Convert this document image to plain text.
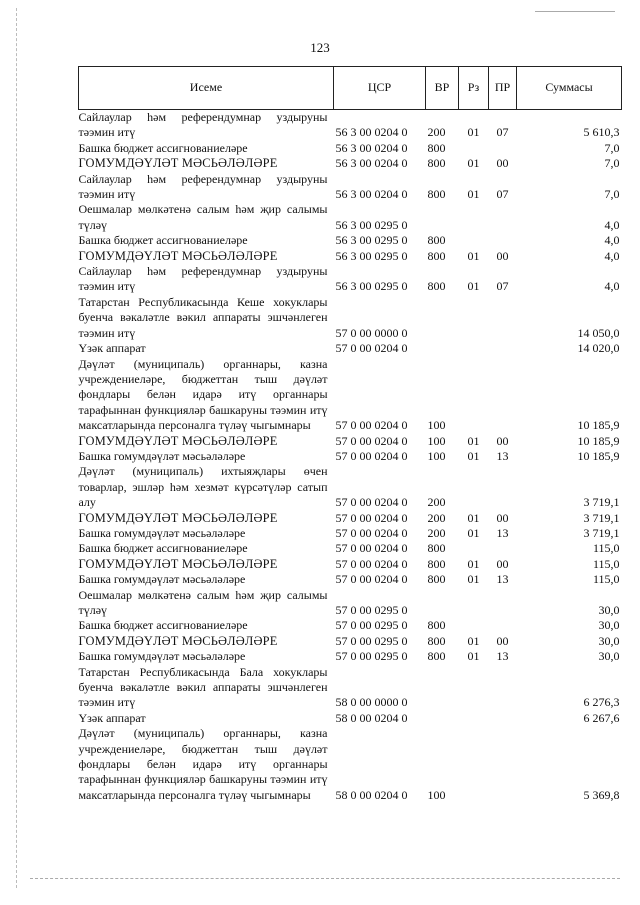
123
Исеме	ЦСР	ВР	Рз	ПР	Суммасы
Сайлаулар һәм референдумнар уздыруны тәэмин итү	56 3 00 0204 0	200	01	07	5 610,3
Башка бюджет ассигнованиеләре	56 3 00 0204 0	800			7,0
ГОМУМДӘҮЛӘТ МӘСЬӘЛӘЛӘРЕ	56 3 00 0204 0	800	01	00	7,0
Сайлаулар һәм референдумнар уздыруны тәэмин итү	56 3 00 0204 0	800	01	07	7,0
Оешмалар мөлкәтенә салым һәм җир салымы түләү	56 3 00 0295 0				4,0
Башка бюджет ассигнованиеләре	56 3 00 0295 0	800			4,0
ГОМУМДӘҮЛӘТ МӘСЬӘЛӘЛӘРЕ	56 3 00 0295 0	800	01	00	4,0
Сайлаулар һәм референдумнар уздыруны тәэмин итү	56 3 00 0295 0	800	01	07	4,0
Татарстан Республикасында Кеше хокуклары буенча вәкаләтле вәкил аппараты эшчәнлеген тәэмин итү	57 0 00 0000 0				14 050,0
Үзәк аппарат	57 0 00 0204 0				14 020,0
Дәүләт (муниципаль) органнары, казна учреждениеләре, бюджеттан тыш дәүләт фондлары белән идарә итү органнары тарафыннан функцияләр башкаруны тәэмин итү максатларында персоналга түләү чыгымнары	57 0 00 0204 0	100			10 185,9
ГОМУМДӘҮЛӘТ МӘСЬӘЛӘЛӘРЕ	57 0 00 0204 0	100	01	00	10 185,9
Башка гомумдәүләт мәсьәләләре	57 0 00 0204 0	100	01	13	10 185,9
Дәүләт (муниципаль) ихтыяҗлары өчен товарлар, эшләр һәм хезмәт күрсәтүләр сатып алу	57 0 00 0204 0	200			3 719,1
ГОМУМДӘҮЛӘТ МӘСЬӘЛӘЛӘРЕ	57 0 00 0204 0	200	01	00	3 719,1
Башка гомумдәүләт мәсьәләләре	57 0 00 0204 0	200	01	13	3 719,1
Башка бюджет ассигнованиеләре	57 0 00 0204 0	800			115,0
ГОМУМДӘҮЛӘТ МӘСЬӘЛӘЛӘРЕ	57 0 00 0204 0	800	01	00	115,0
Башка гомумдәүләт мәсьәләләре	57 0 00 0204 0	800	01	13	115,0
Оешмалар мөлкәтенә салым һәм җир салымы түләү	57 0 00 0295 0				30,0
Башка бюджет ассигнованиеләре	57 0 00 0295 0	800			30,0
ГОМУМДӘҮЛӘТ МӘСЬӘЛӘЛӘРЕ	57 0 00 0295 0	800	01	00	30,0
Башка гомумдәүләт мәсьәләләре	57 0 00 0295 0	800	01	13	30,0
Татарстан Республикасында Бала хокуклары буенча вәкаләтле вәкил аппараты эшчәнлеген тәэмин итү	58 0 00 0000 0				6 276,3
Үзәк аппарат	58 0 00 0204 0				6 267,6
Дәүләт (муниципаль) органнары, казна учреждениеләре, бюджеттан тыш дәүләт фондлары белән идарә итү органнары тарафыннан функцияләр башкаруны тәэмин итү максатларында персоналга түләү чыгымнары	58 0 00 0204 0	100			5 369,8
